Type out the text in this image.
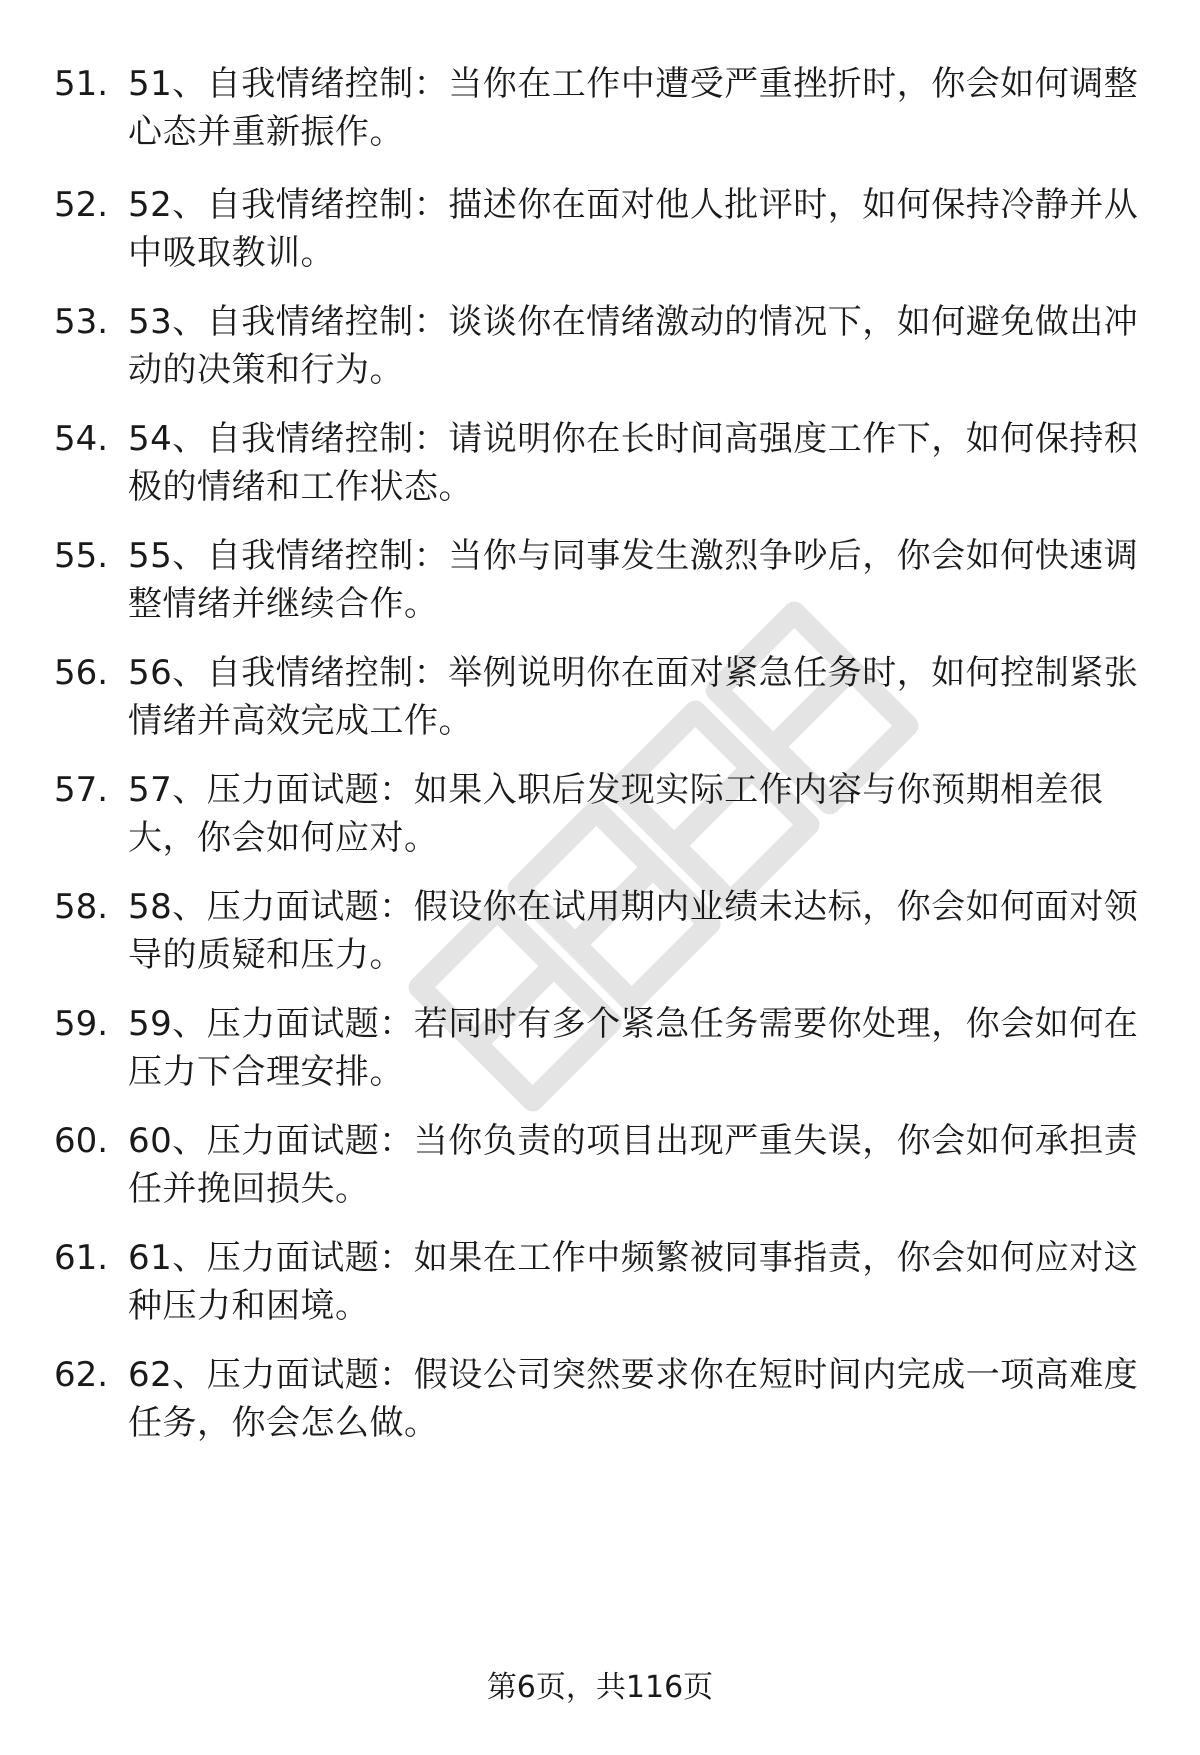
51. 51、自我情绪控制：当你在工作中遭受严重挫折时，你会如何调整心态并重新振作。
52. 52、自我情绪控制：描述你在面对他人批评时，如何保持冷静并从中吸取教训。
53. 53、自我情绪控制：谈谈你在情绪激动的情况下，如何避免做出冲动的决策和行为。
54. 54、自我情绪控制：请说明你在长时间高强度工作下，如何保持积极的情绪和工作状态。
55. 55、自我情绪控制：当你与同事发生激烈争吵后，你会如何快速调整情绪并继续合作。
56. 56、自我情绪控制：举例说明你在面对紧急任务时，如何控制紧张情绪并高效完成工作。
57. 57、压力面试题：如果入职后发现实际工作内容与你预期相差很大，你会如何应对。
58. 58、压力面试题：假设你在试用期内业绩未达标，你会如何面对领导的质疑和压力。
59. 59、压力面试题：若同时有多个紧急任务需要你处理，你会如何在压力下合理安排。
60. 60、压力面试题：当你负责的项目出现严重失误，你会如何承担责任并挽回损失。
61. 61、压力面试题：如果在工作中频繁被同事指责，你会如何应对这种压力和困境。
62. 62、压力面试题：假设公司突然要求你在短时间内完成一项高难度任务，你会怎么做。
第6页，共116页
